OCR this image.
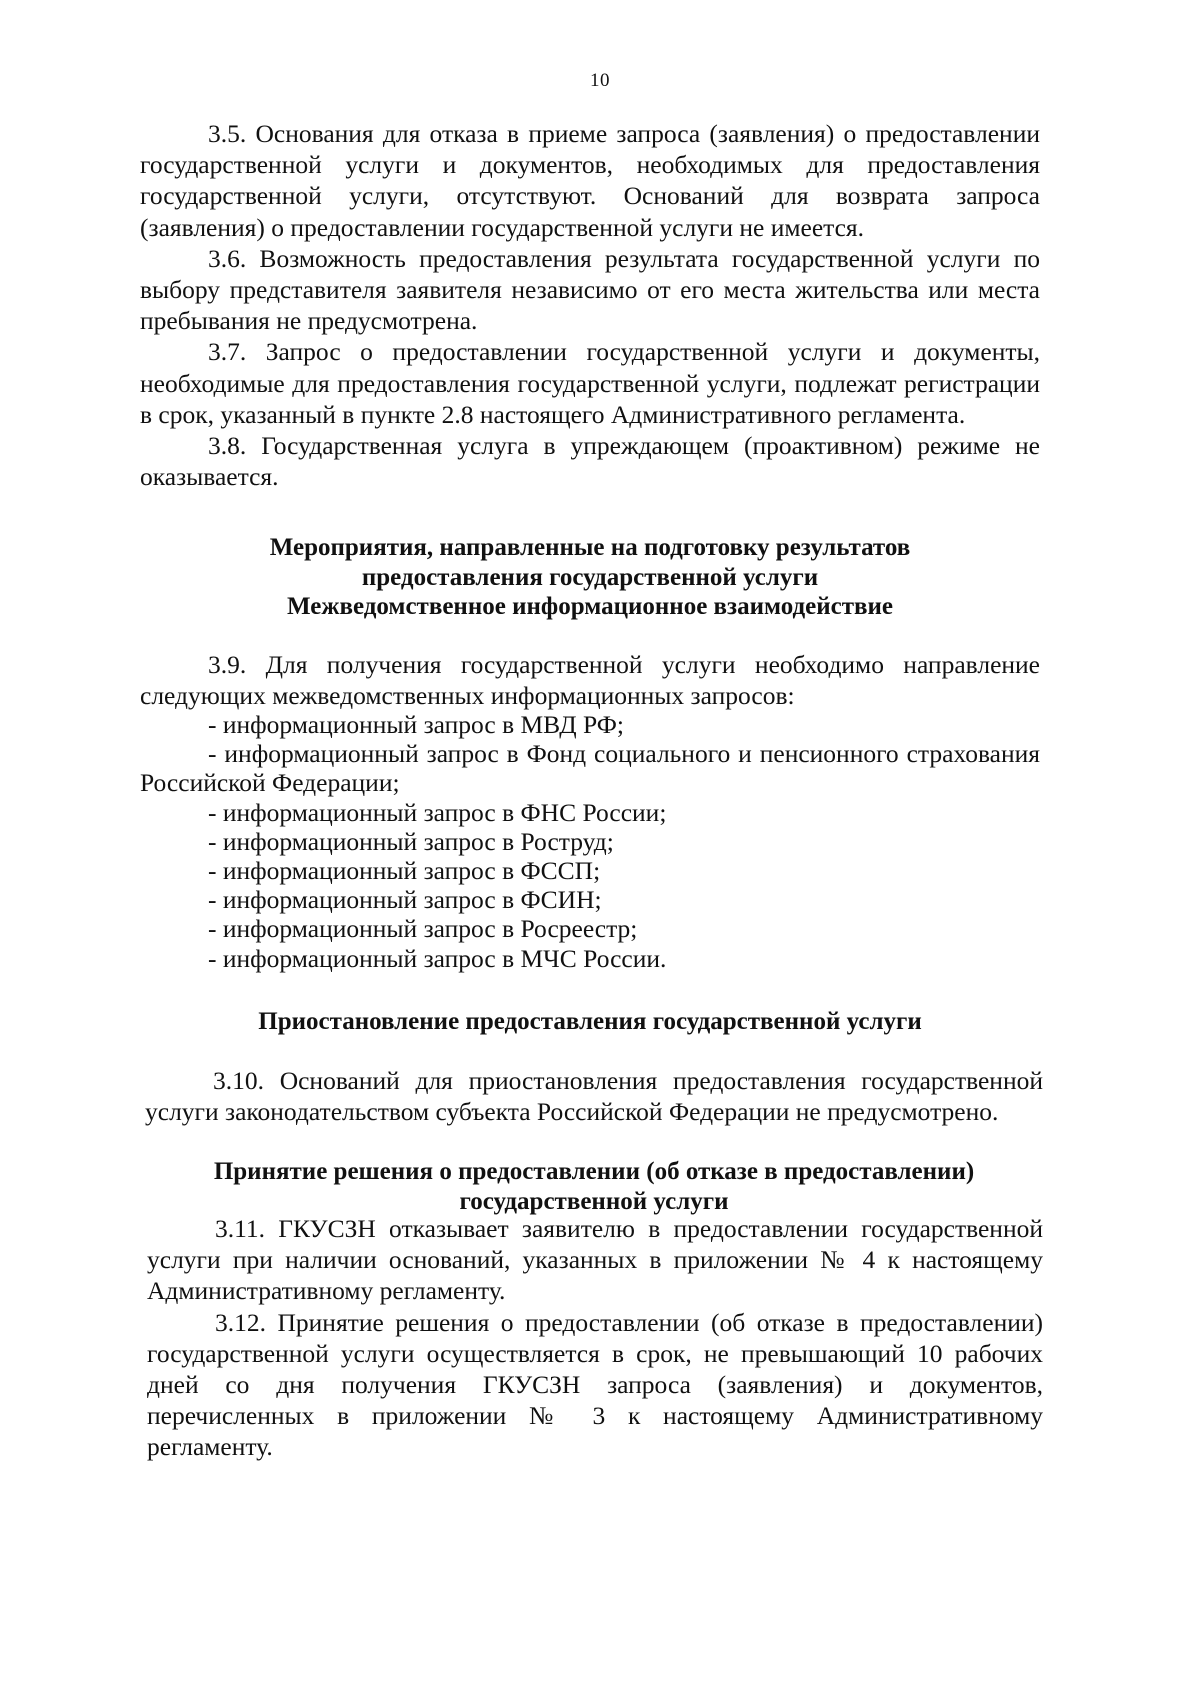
10

3.5. Основания для отказа в приеме запроса (заявления) о предоставлении государственной услуги и документов, необходимых для предоставления государственной услуги, отсутствуют. Оснований для возврата запроса (заявления) о предоставлении государственной услуги не имеется.

3.6. Возможность предоставления результата государственной услуги по выбору представителя заявителя независимо от его места жительства или места пребывания не предусмотрена.

3.7. Запрос о предоставлении государственной услуги и документы, необходимые для предоставления государственной услуги, подлежат регистрации в срок, указанный в пункте 2.8 настоящего Административного регламента.

3.8. Государственная услуга в упреждающем (проактивном) режиме не оказывается.

Мероприятия, направленные на подготовку результатов
предоставления государственной услуги
Межведомственное информационное взаимодействие

3.9. Для получения государственной услуги необходимо направление следующих межведомственных информационных запросов:

- информационный запрос в МВД РФ;
- информационный запрос в Фонд социального и пенсионного страхования Российской Федерации;
- информационный запрос в ФНС России;
- информационный запрос в Роструд;
- информационный запрос в ФССП;
- информационный запрос в ФСИН;
- информационный запрос в Росреестр;
- информационный запрос в МЧС России.
Приостановление предоставления государственной услуги

3.10. Оснований для приостановления предоставления государственной услуги законодательством субъекта Российской Федерации не предусмотрено.

Принятие решения о предоставлении (об отказе в предоставлении)
государственной услуги

3.11. ГКУСЗН отказывает заявителю в предоставлении государственной услуги при наличии оснований, указанных в приложении № 4 к настоящему Административному регламенту.

3.12. Принятие решения о предоставлении (об отказе в предоставлении) государственной услуги осуществляется в срок, не превышающий 10 рабочих дней со дня получения ГКУСЗН запроса (заявления) и документов, перечисленных в приложении № 3 к настоящему Административному регламенту.
